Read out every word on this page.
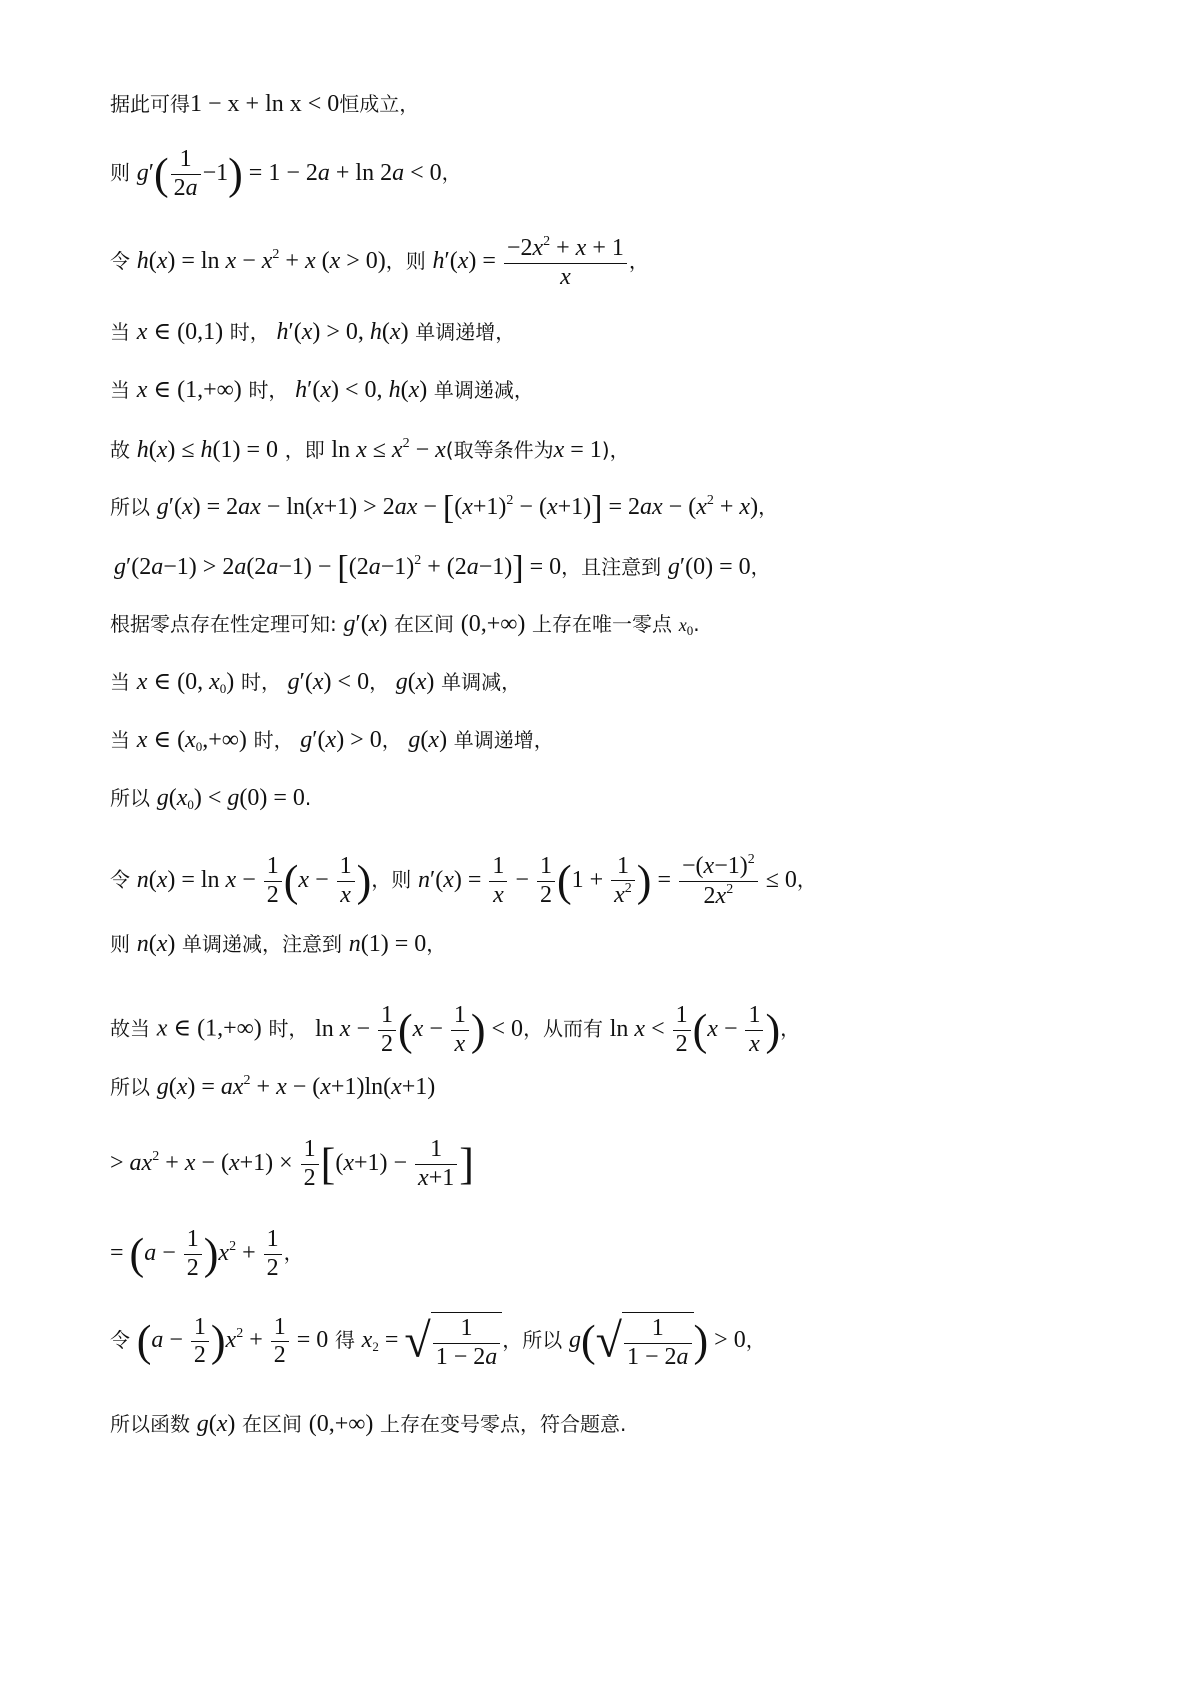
据此可得1 − x + ln x < 0恒成立，
则 $g'( \frac{1}{2a} -1) = 1 - 2a + \ln 2a < 0$，
令 $h(x) = \ln x - x^2 + x$ (x > 0)，则 $h'(x) = \frac{-2x^2 + x + 1}{x}$ ，
当 x ∈ (0,1) 时， h′(x) > 0, h(x) 单调递增，
当 x ∈ (1,+∞) 时， h′(x) < 0, h(x) 单调递减，
故 h(x) ≤ h(1) = 0 ，即 $\ln x \le x^2 - x$(取等条件为x = 1)，
所以 $g'(x) = 2ax - \ln(x+1) > 2ax - [(x+1)^2 - (x+1)] = 2ax - (x^2 + x)$，
$g'(2a-1) > 2a(2a-1) - [(2a-1)^2 + (2a-1)] = 0$，且注意到 g′(0) = 0，
根据零点存在性定理可知: g′(x) 在区间 (0,+∞) 上存在唯一零点 $x_0$.
当 x ∈ (0, $x_0$) 时， g′(x) < 0， g(x) 单调减，
当 x ∈ $(x_0,+\infty)$ 时， g′(x) > 0， g(x) 单调递增，
所以 $g(x_0) < g(0) = 0$.
令 $n(x) = \ln x - \frac{1}{2} (x - \frac{1}{x}$ )，则 $n'(x) = \frac{1}{x} - \frac{1}{2} (1 + \frac{1}{x^2}$ ) = $\frac{-(x-1)^2}{2x^2} \le 0$，
则 n(x) 单调递减，注意到 n(1) = 0，
故当 x ∈ (1,+∞) 时， $\ln x - \frac{1}{2} (x - \frac{1}{x}$ ) < 0，从而有 $\ln x < \frac{1}{2} (x - \frac{1}{x}$ )，
所以 $g(x) = ax^2 + x - (x+1)\ln(x+1)$
> $ax^2 + x - (x+1) \times \frac{1}{2} [(x+1) - \frac{1}{x+1}$ ]
= $(a - \frac{1}{2} )x^2 + \frac{1}{2}$ ，
令 $(a - \frac{1}{2} )x^2 + \frac{1}{2} = 0$ 得 $x_2$ = √ $\frac{1}{1 - 2a}$ ，所以 $g(√ \frac{1}{1 - 2a}$ ) > 0，
所以函数 g(x) 在区间 (0,+∞) 上存在变号零点，符合题意.
